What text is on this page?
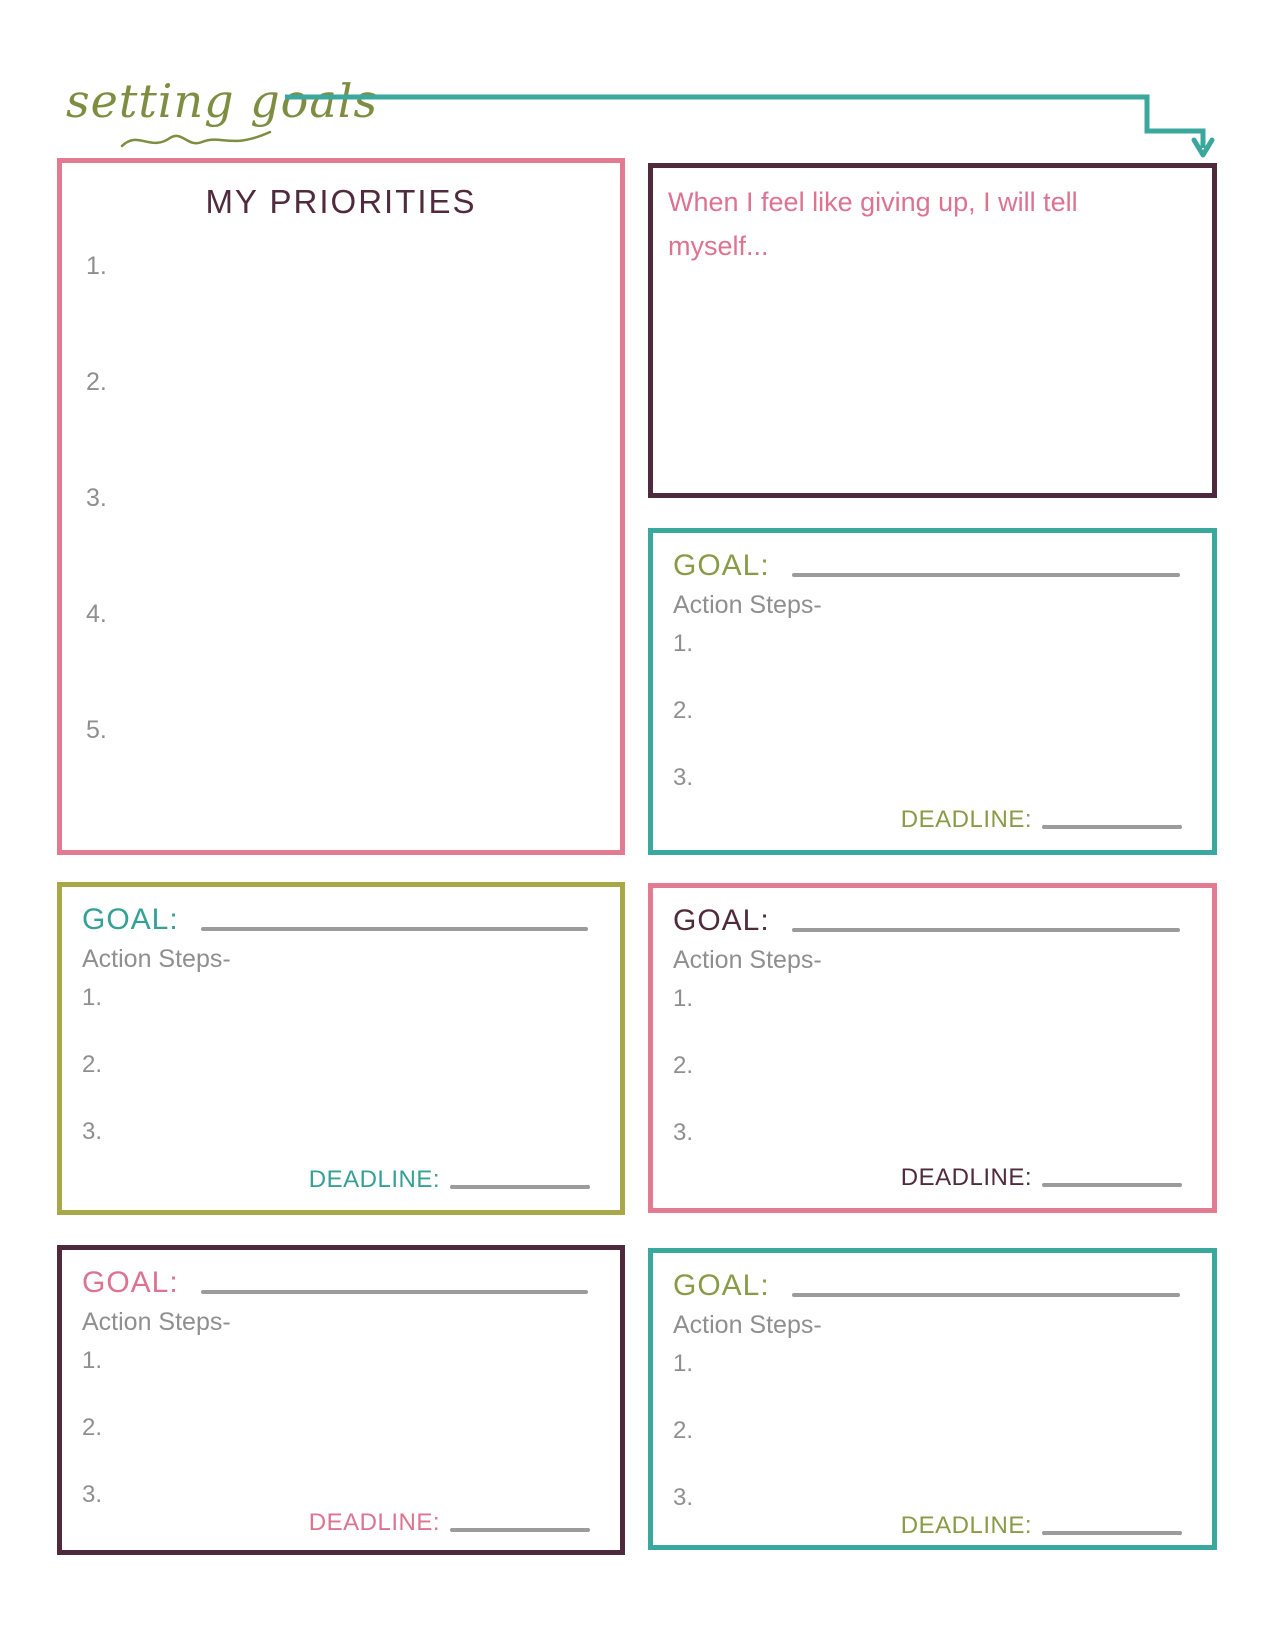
setting goals
MY PRIORITIES
1.
2.
3.
4.
5.

When I feel like giving up, I will tell myself...

GOAL:
Action Steps-
1.
2.
3.
DEADLINE:
GOAL:
Action Steps-
1.
2.
3.
DEADLINE:
GOAL:
Action Steps-
1.
2.
3.
DEADLINE:
GOAL:
Action Steps-
1.
2.
3.
DEADLINE:
GOAL:
Action Steps-
1.
2.
3.
DEADLINE:
